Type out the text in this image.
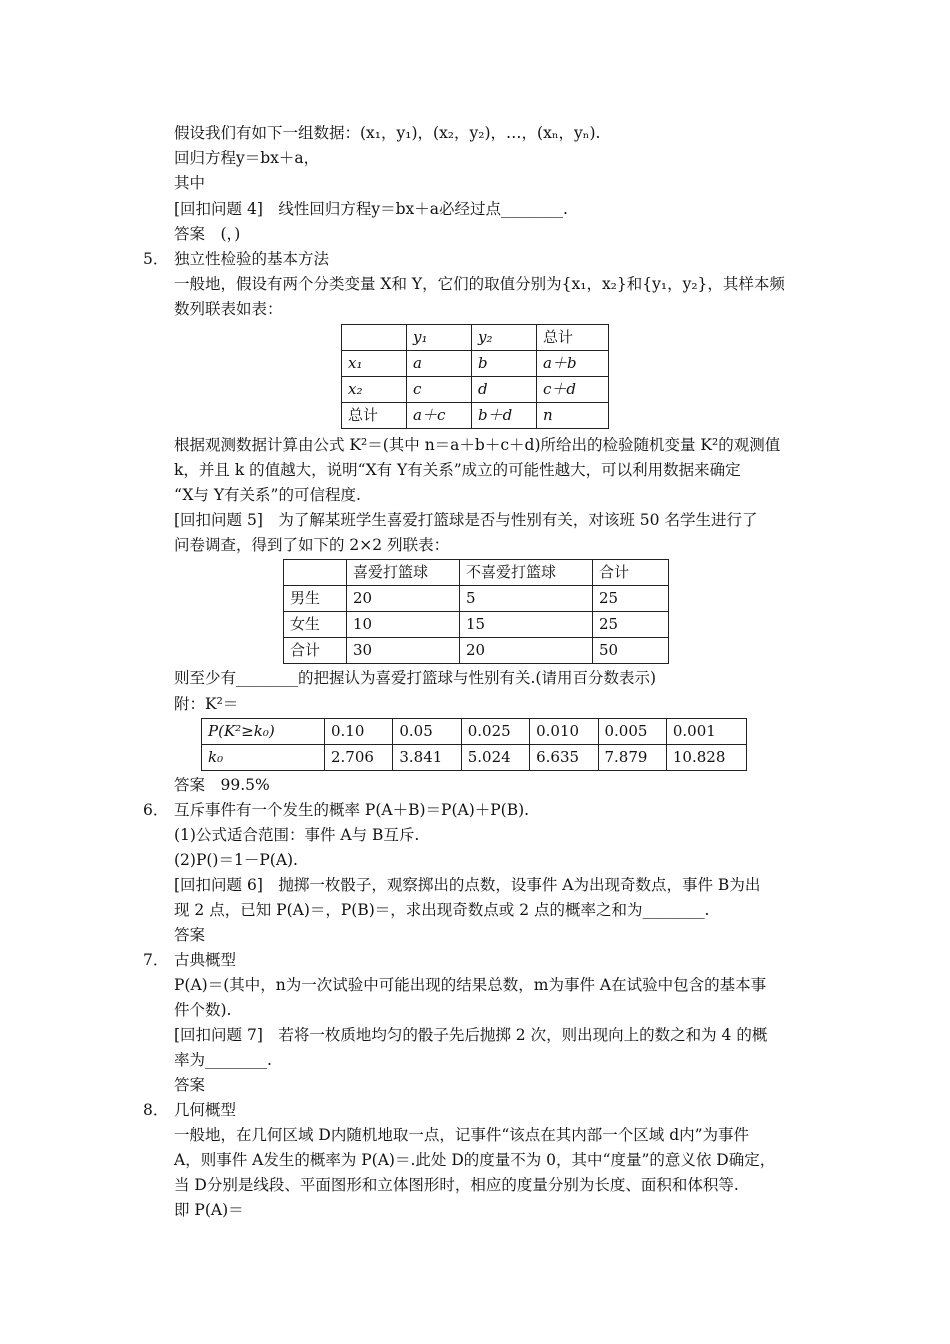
假设我们有如下一组数据：(x₁，y₁)，(x₂，y₂)，…，(xₙ，yₙ).
回归方程y＝bx＋a，
其中
[回扣问题 4]　线性回归方程y＝bx＋a必经过点________.
答案　(，)
5． 独立性检验的基本方法
一般地，假设有两个分类变量 X和 Y，它们的取值分别为{x₁，x₂}和{y₁，y₂}，其样本频
数列联表如表：
	y₁	y₂	总计
x₁	a	b	a＋b
x₂	c	d	c＋d
总计	a＋c	b＋d	n
根据观测数据计算由公式 K²＝(其中 n＝a＋b＋c＋d)所给出的检验随机变量 K²的观测值
k，并且 k 的值越大，说明“X有 Y有关系”成立的可能性越大，可以利用数据来确定
“X与 Y有关系”的可信程度.
[回扣问题 5]　为了解某班学生喜爱打篮球是否与性别有关，对该班 50 名学生进行了
问卷调查，得到了如下的 2×2 列联表：
	喜爱打篮球	不喜爱打篮球	合计
男生	20	5	25
女生	10	15	25
合计	30	20	50
则至少有________的把握认为喜爱打篮球与性别有关.(请用百分数表示)
附：K²＝
P(K²≥k₀)	0.10	0.05	0.025	0.010	0.005	0.001
k₀	2.706	3.841	5.024	6.635	7.879	10.828
答案　99.5%
6． 互斥事件有一个发生的概率 P(A＋B)＝P(A)＋P(B).
(1)公式适合范围：事件 A与 B互斥.
(2)P()＝1－P(A).
[回扣问题 6]　抛掷一枚骰子，观察掷出的点数，设事件 A为出现奇数点，事件 B为出
现 2 点，已知 P(A)＝，P(B)＝，求出现奇数点或 2 点的概率之和为________.
答案
7． 古典概型
P(A)＝(其中，n为一次试验中可能出现的结果总数，m为事件 A在试验中包含的基本事
件个数).
[回扣问题 7]　若将一枚质地均匀的骰子先后抛掷 2 次，则出现向上的数之和为 4 的概
率为________.
答案
8． 几何概型
一般地，在几何区域 D内随机地取一点，记事件“该点在其内部一个区域 d内”为事件
A，则事件 A发生的概率为 P(A)＝.此处 D的度量不为 0，其中“度量”的意义依 D确定，
当 D分别是线段、平面图形和立体图形时，相应的度量分别为长度、面积和体积等.
即 P(A)＝
